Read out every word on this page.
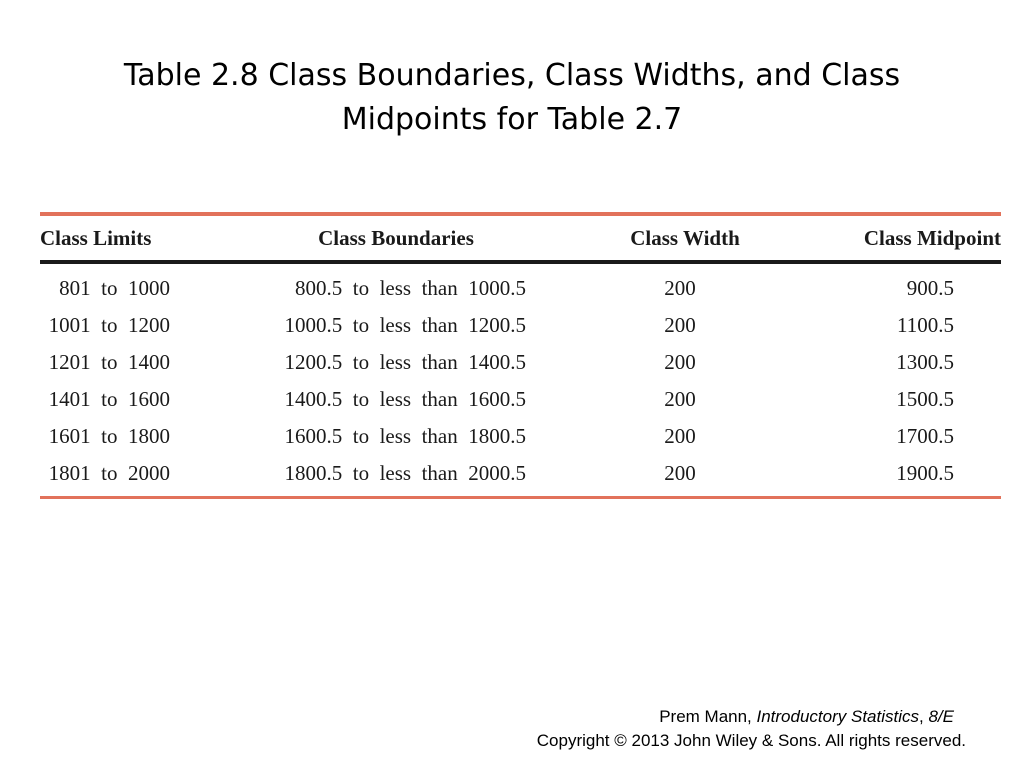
Table 2.8 Class Boundaries, Class Widths, and Class
Midpoints for Table 2.7
Class Limits	Class Boundaries	Class Width	Class Midpoint
801  to  1000	800.5  to  less  than  1000.5	200	900.5
1001  to  1200	1000.5  to  less  than  1200.5	200	1100.5
1201  to  1400	1200.5  to  less  than  1400.5	200	1300.5
1401  to  1600	1400.5  to  less  than  1600.5	200	1500.5
1601  to  1800	1600.5  to  less  than  1800.5	200	1700.5
1801  to  2000	1800.5  to  less  than  2000.5	200	1900.5
Prem Mann, Introductory Statistics, 8/E
Copyright © 2013 John Wiley & Sons. All rights reserved.
